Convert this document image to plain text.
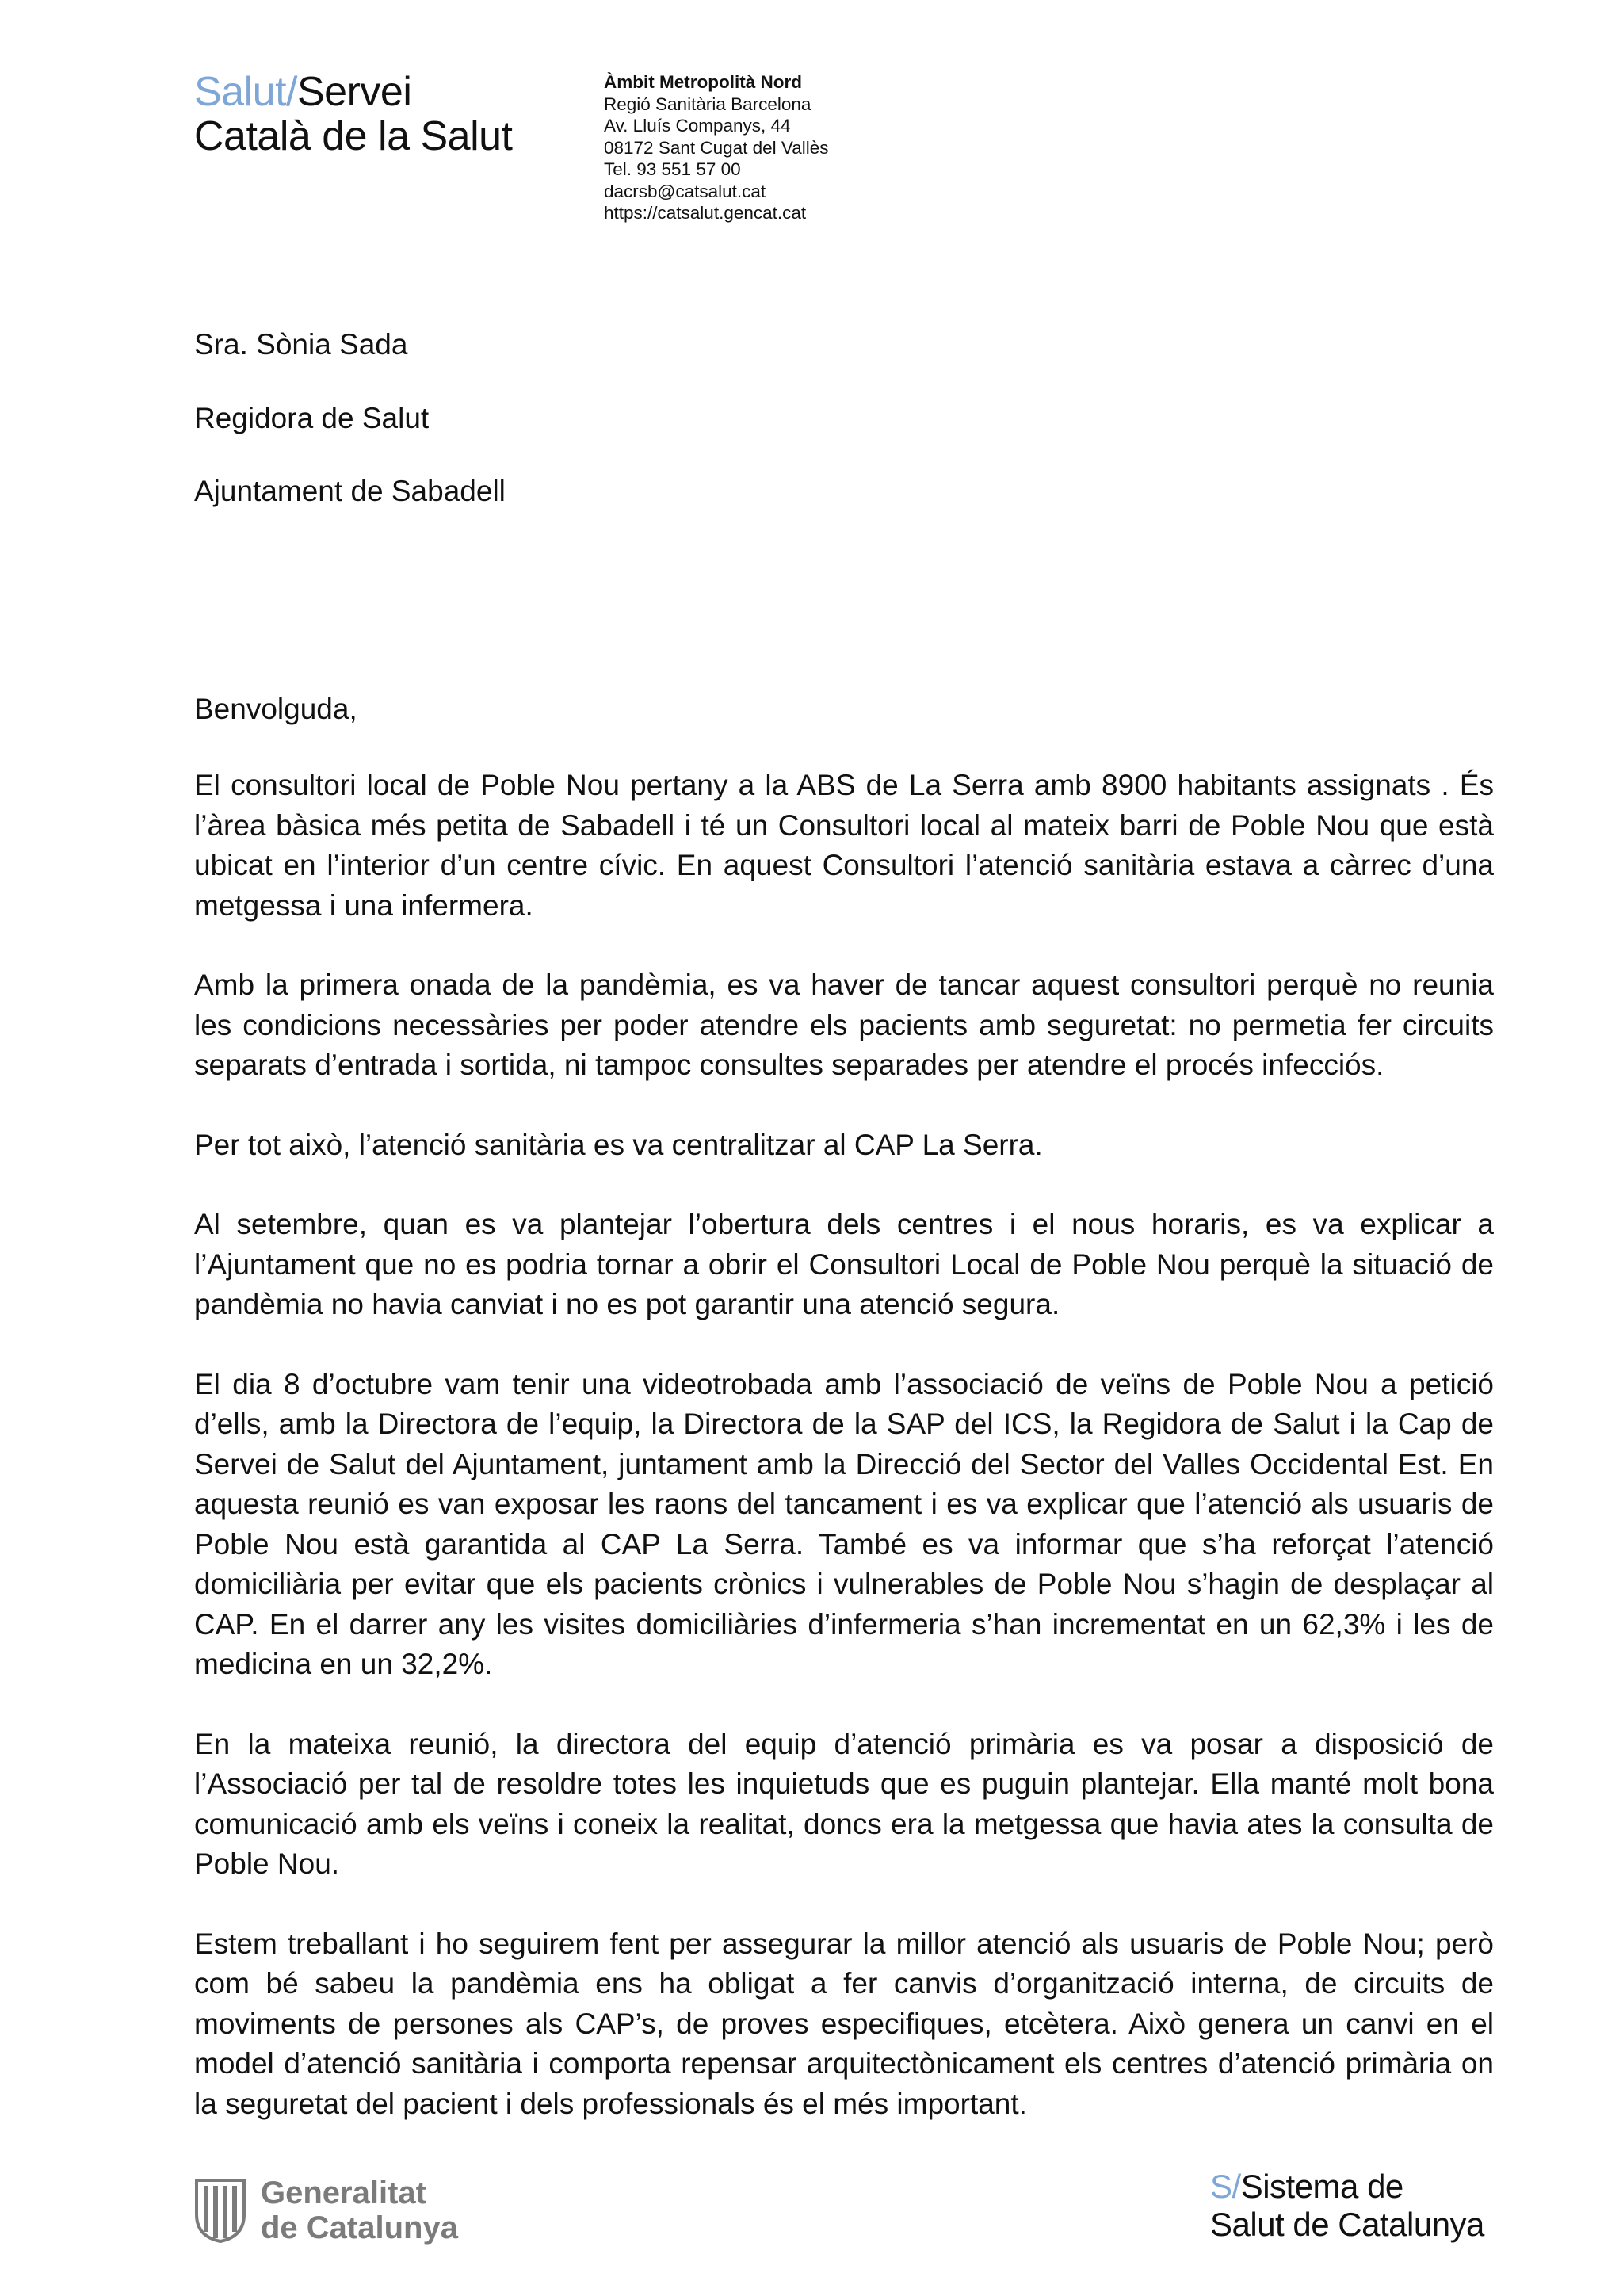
Salut/Servei
Català de la Salut
Àmbit Metropolità Nord
Regió Sanitària Barcelona
Av. Lluís Companys, 44
08172 Sant Cugat del Vallès
Tel. 93 551 57 00
dacrsb@catsalut.cat
https://catsalut.gencat.cat
Sra. Sònia Sada
Regidora de Salut
Ajuntament de Sabadell
Benvolguda,

El consultori local de Poble Nou pertany a la ABS de La Serra amb 8900 habitants assignats . És l’àrea bàsica més petita de Sabadell i té un Consultori local al mateix barri de Poble Nou que està ubicat en l’interior d’un centre cívic. En aquest Consultori l’atenció sanitària estava a càrrec d’una metgessa i una infermera.

Amb la primera onada de la pandèmia, es va haver de tancar aquest consultori perquè no reunia les condicions necessàries per poder atendre els pacients amb seguretat: no permetia fer circuits separats d’entrada i sortida, ni tampoc consultes separades per atendre el procés infecciós.

Per tot això, l’atenció sanitària es va centralitzar al CAP La Serra.

Al setembre, quan es va plantejar l’obertura dels centres i el nous horaris, es va explicar a l’Ajuntament que no es podria tornar a obrir el Consultori Local de Poble Nou perquè la situació de pandèmia no havia canviat i no es pot garantir una atenció segura.

El dia 8 d’octubre vam tenir una videotrobada amb l’associació de veïns de Poble Nou a petició d’ells, amb la Directora de l’equip, la Directora de la SAP del ICS, la Regidora de Salut i la Cap de Servei de Salut del Ajuntament, juntament amb la Direcció del Sector del Valles Occidental Est. En aquesta reunió es van exposar les raons del tancament i es va explicar que l’atenció als usuaris de Poble Nou està garantida al CAP La Serra. També es va informar que s’ha reforçat l’atenció domiciliària per evitar que els pacients crònics i vulnerables de Poble Nou s’hagin de desplaçar al CAP. En el darrer any les visites domiciliàries d’infermeria s’han incrementat en un 62,3% i les de medicina en un 32,2%.

En la mateixa reunió, la directora del equip d’atenció primària es va posar a disposició de l’Associació per tal de resoldre totes les inquietuds que es puguin plantejar. Ella manté molt bona comunicació amb els veïns i coneix la realitat, doncs era la metgessa que havia ates la consulta de Poble Nou.

Estem treballant i ho seguirem fent per assegurar la millor atenció als usuaris de Poble Nou; però com bé sabeu la pandèmia ens ha obligat a fer canvis d’organització interna, de circuits de moviments de persones als CAP’s, de proves especifiques, etcètera. Això genera un canvi en el model d’atenció sanitària i comporta repensar arquitectònicament els centres d’atenció primària on la seguretat del pacient i dels professionals és el més important.

Generalitat
de Catalunya
S/Sistema de
Salut de Catalunya
